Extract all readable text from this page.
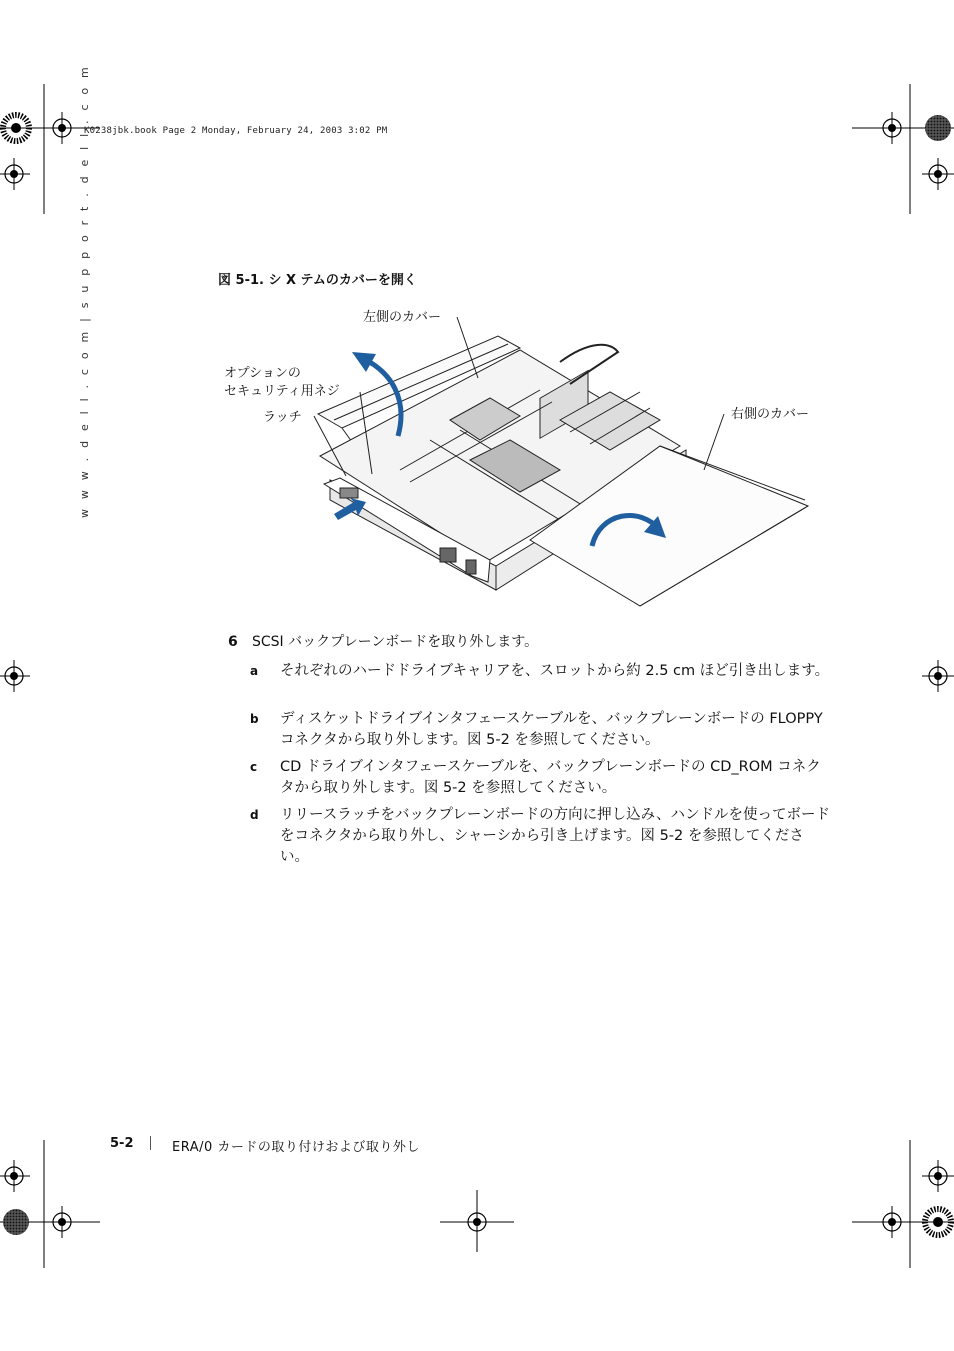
K0238jbk.book Page 2 Monday, February 24, 2003 3:02 PM
w w w . d e l l . c o m | s u p p o r t . d e l l . c o m	図 5-1. シ X テムのカバーを開く
左側のカバー
オプションの
セキュリティ用ネジ
ラッチ	右側のカバー
6 SCSI バックプレーンボードを取り外します。
a それぞれのハードドライブキャリアを、スロットから約 2.5 cm ほど引き出します。
b ディスケットドライブインタフェースケーブルを、バックプレーンボードの FLOPPY コネクタから取り外します。図 5-2 を参照してください。
c CD ドライブインタフェースケーブルを、バックプレーンボードの CD_ROM コネクタから取り外します。図 5-2 を参照してください。
d リリースラッチをバックプレーンボードの方向に押し込み、ハンドルを使ってボードをコネクタから取り外し、シャーシから引き上げます。図 5-2 を参照してください。
5-2	ERA/0 カードの取り付けおよび取り外し
